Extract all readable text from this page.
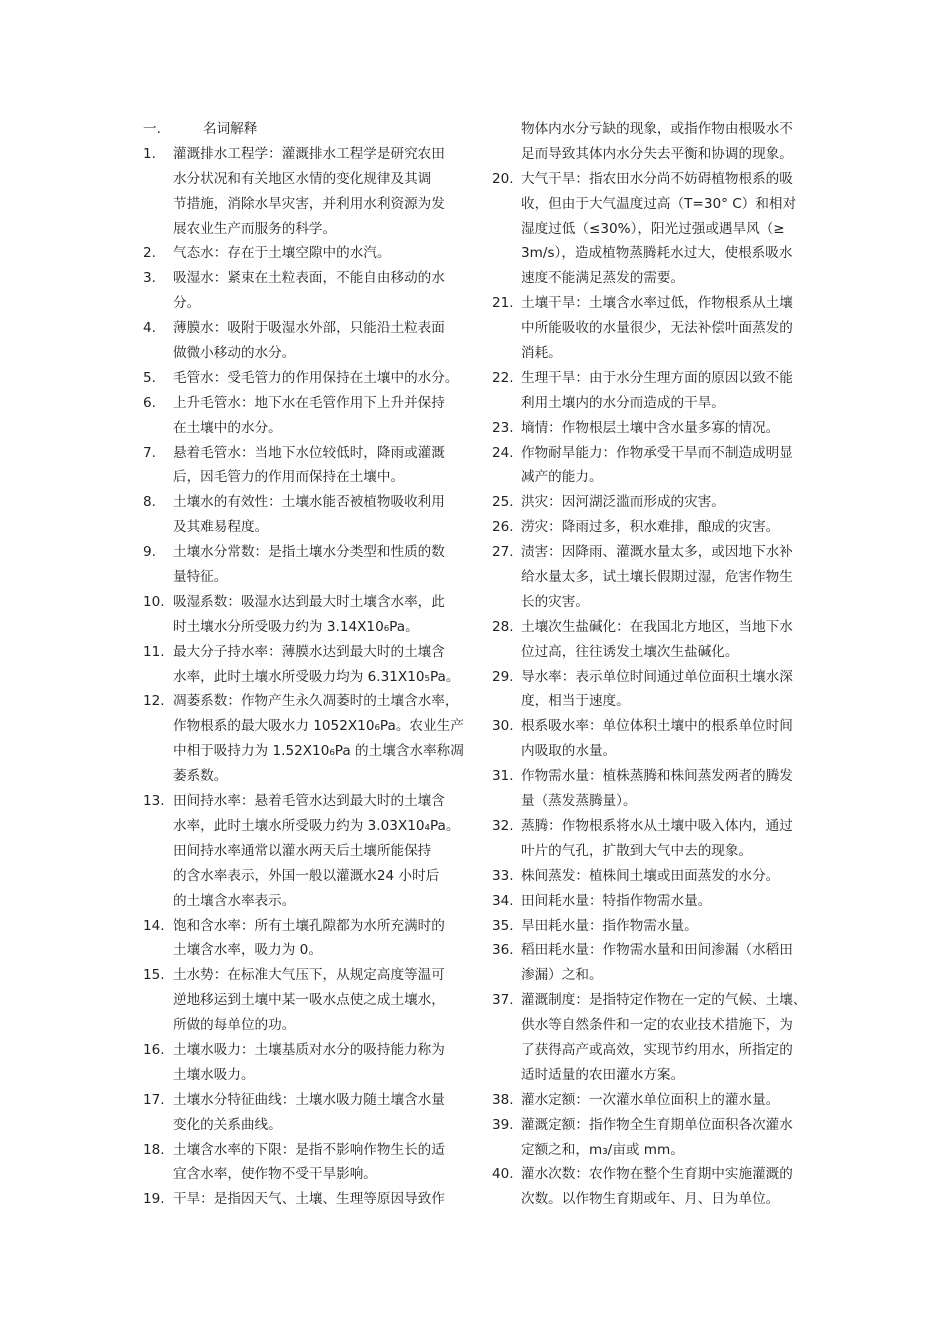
一.	名词解释
1. 灌溉排水工程学：灌溉排水工程学是研究农田
水分状况和有关地区水情的变化规律及其调
节措施，消除水旱灾害，并利用水利资源为发
展农业生产而服务的科学。
2. 气态水：存在于土壤空隙中的水汽。
3. 吸湿水：紧束在土粒表面，不能自由移动的水
分。
4. 薄膜水：吸附于吸湿水外部，只能沿土粒表面
做微小移动的水分。
5. 毛管水：受毛管力的作用保持在土壤中的水分。
6. 上升毛管水：地下水在毛管作用下上升并保持
在土壤中的水分。
7. 悬着毛管水：当地下水位较低时，降雨或灌溉
后，因毛管力的作用而保持在土壤中。
8. 土壤水的有效性：土壤水能否被植物吸收利用
及其难易程度。
9. 土壤水分常数：是指土壤水分类型和性质的数
量特征。
10. 吸湿系数：吸湿水达到最大时土壤含水率，此
时土壤水分所受吸力约为 3.14X10₆Pa。
11. 最大分子持水率：薄膜水达到最大时的土壤含
水率，此时土壤水所受吸力均为 6.31X10₅Pa。
12. 凋萎系数：作物产生永久凋萎时的土壤含水率，
作物根系的最大吸水力 1052X10₆Pa。农业生产
中相于吸持力为 1.52X10₆Pa 的土壤含水率称凋
萎系数。
13. 田间持水率：悬着毛管水达到最大时的土壤含
水率，此时土壤水所受吸力约为 3.03X10₄Pa。
田间持水率通常以灌水两天后土壤所能保持
的含水率表示，外国一般以灌溉水24 小时后
的土壤含水率表示。
14. 饱和含水率：所有土壤孔隙都为水所充满时的
土壤含水率，吸力为 0。
15. 土水势：在标准大气压下，从规定高度等温可
逆地移运到土壤中某一吸水点使之成土壤水，
所做的每单位的功。
16. 土壤水吸力：土壤基质对水分的吸持能力称为
土壤水吸力。
17. 土壤水分特征曲线：土壤水吸力随土壤含水量
变化的关系曲线。
18. 土壤含水率的下限：是指不影响作物生长的适
宜含水率，使作物不受干旱影响。
19. 干旱：是指因天气、土壤、生理等原因导致作
物体内水分亏缺的现象，或指作物由根吸水不
足而导致其体内水分失去平衡和协调的现象。
20. 大气干旱：指农田水分尚不妨碍植物根系的吸
收，但由于大气温度过高（T=30° C）和相对
湿度过低（≤30%），阳光过强或遇旱风（≥
3m/s），造成植物蒸腾耗水过大，使根系吸水
速度不能满足蒸发的需要。
21. 土壤干旱：土壤含水率过低，作物根系从土壤
中所能吸收的水量很少，无法补偿叶面蒸发的
消耗。
22. 生理干旱：由于水分生理方面的原因以致不能
利用土壤内的水分而造成的干旱。
23. 墒情：作物根层土壤中含水量多寡的情况。
24. 作物耐旱能力：作物承受干旱而不制造成明显
减产的能力。
25. 洪灾：因河湖泛滥而形成的灾害。
26. 涝灾：降雨过多，积水难排，酿成的灾害。
27. 渍害：因降雨、灌溉水量太多，或因地下水补
给水量太多，试土壤长假期过湿，危害作物生
长的灾害。
28. 土壤次生盐碱化：在我国北方地区，当地下水
位过高，往往诱发土壤次生盐碱化。
29. 导水率：表示单位时间通过单位面积土壤水深
度，相当于速度。
30. 根系吸水率：单位体积土壤中的根系单位时间
内吸取的水量。
31. 作物需水量：植株蒸腾和株间蒸发两者的腾发
量（蒸发蒸腾量）。
32. 蒸腾：作物根系将水从土壤中吸入体内，通过
叶片的气孔，扩散到大气中去的现象。
33. 株间蒸发：植株间土壤或田面蒸发的水分。
34. 田间耗水量：特指作物需水量。
35. 旱田耗水量：指作物需水量。
36. 稻田耗水量：作物需水量和田间渗漏（水稻田
渗漏）之和。
37. 灌溉制度：是指特定作物在一定的气候、土壤、
供水等自然条件和一定的农业技术措施下，为
了获得高产或高效，实现节约用水，所指定的
适时适量的农田灌水方案。
38. 灌水定额：一次灌水单位面积上的灌水量。
39. 灌溉定额：指作物全生育期单位面积各次灌水
定额之和，m₃/亩或 mm。
40. 灌水次数：农作物在整个生育期中实施灌溉的
次数。以作物生育期或年、月、日为单位。
